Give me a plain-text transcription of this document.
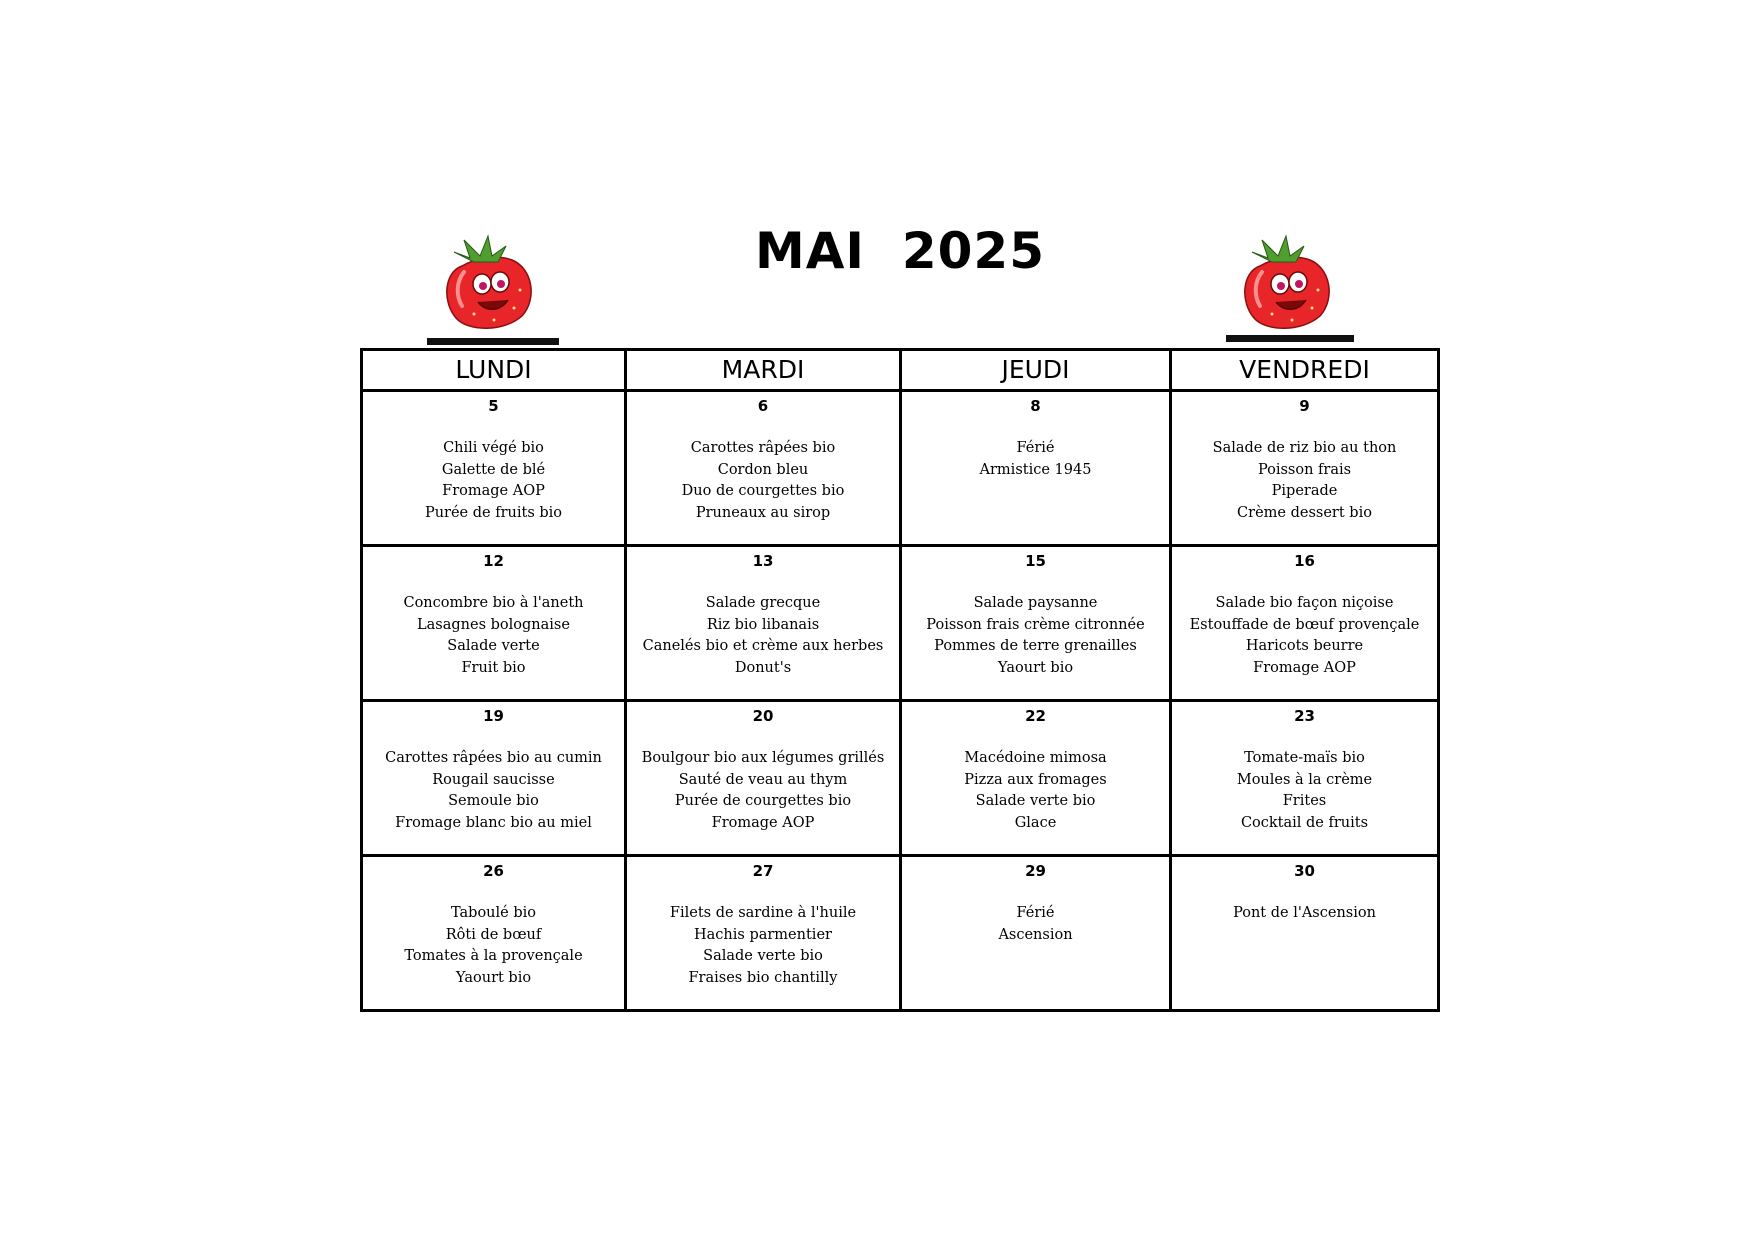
MAI  2025
LUNDI	MARDI	JEUDI	VENDREDI

5
Chili végé bio
Galette de blé
Fromage AOP
Purée de fruits bio	6
Carottes râpées bio
Cordon bleu
Duo de courgettes bio
Pruneaux au sirop	8
Férié
Armistice 1945	9
Salade de riz bio au thon
Poisson frais
Piperade
Crème dessert bio

12
Concombre bio à l'aneth
Lasagnes bolognaise
Salade verte
Fruit bio	13
Salade grecque
Riz bio libanais
Canelés bio et crème aux herbes
Donut's	15
Salade paysanne
Poisson frais crème citronnée
Pommes de terre grenailles
Yaourt bio	16
Salade bio façon niçoise
Estouffade de bœuf provençale
Haricots beurre
Fromage AOP

19
Carottes râpées bio au cumin
Rougail saucisse
Semoule bio
Fromage blanc bio au miel	20
Boulgour bio aux légumes grillés
Sauté de veau au thym
Purée de courgettes bio
Fromage AOP	22
Macédoine mimosa
Pizza aux fromages
Salade verte bio
Glace	23
Tomate-maïs bio
Moules à la crème
Frites
Cocktail de fruits

26
Taboulé bio
Rôti de bœuf
Tomates à la provençale
Yaourt bio	27
Filets de sardine à l'huile
Hachis parmentier
Salade verte bio
Fraises bio chantilly	29
Férié
Ascension	30
Pont de l'Ascension
